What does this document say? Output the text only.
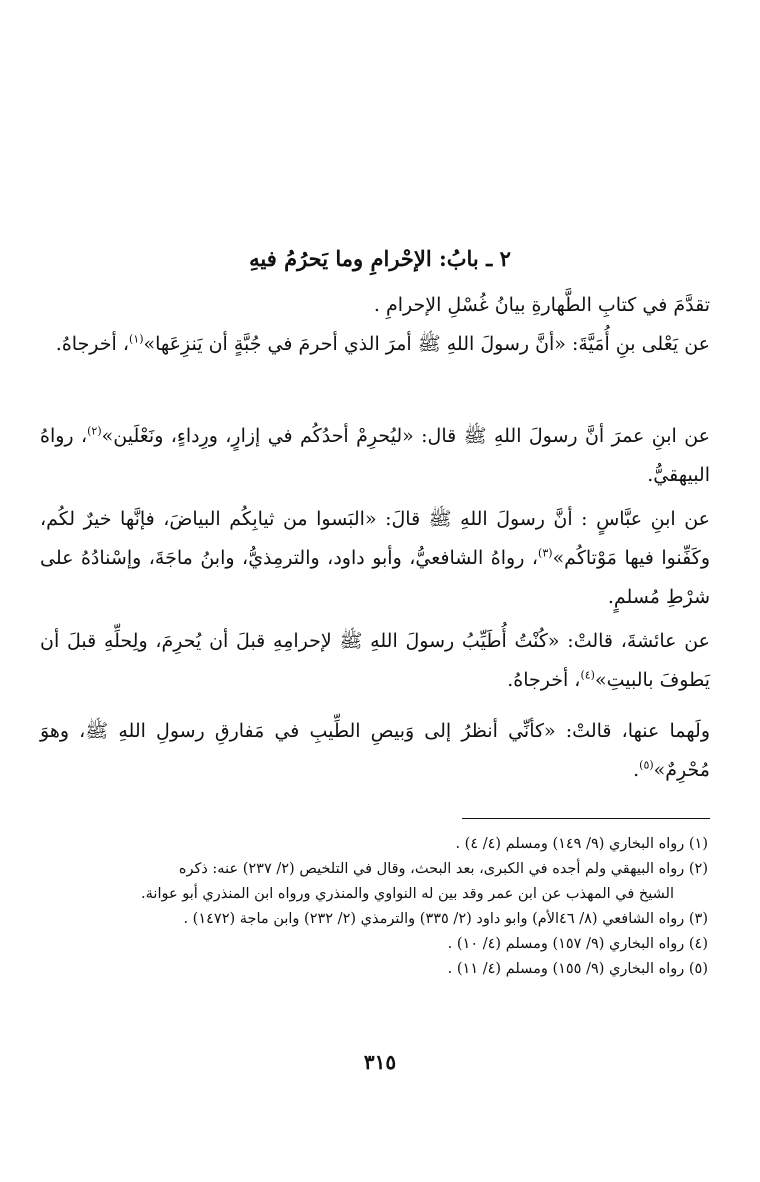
٢ ـ بابُ: الإحْرامِ وما يَحرُمُ فيهِ

تقدَّمَ في كتابِ الطَّهارةِ بيانُ غُسْلِ الإحرامِ .

عن يَعْلى بنِ أُمَيَّةَ: «أنَّ رسولَ اللهِ ﷺ أمرَ الذي أحرمَ في جُبَّةٍ أن يَنزِعَها»$^{(١)}$، أخرجاهُ.

عن ابنِ عمرَ أنَّ رسولَ اللهِ ﷺ قال: «ليُحرِمْ أحدُكُم في إزارٍ، ورِداءٍ، ونَعْلَين»$^{(٢)}$، رواهُ البيهقيُّ.

عن ابنِ عبَّاسٍ : أنَّ رسولَ اللهِ ﷺ قالَ: «البَسوا من ثيابِكُم البياضَ، فإنَّها خيرٌ لكُم، وكَفِّنوا فيها مَوْتاكُم»$^{(٣)}$، رواهُ الشافعيُّ، وأبو داود، والترمِذيُّ، وابنُ ماجَةَ، وإسْنادُهُ على شرْطِ مُسلمٍ.

عن عائشةَ، قالتْ: «كُنْتُ أُطَيِّبُ رسولَ اللهِ ﷺ لإحرامِهِ قبلَ أن يُحرِمَ، ولِحلِّهِ قبلَ أن يَطوفَ بالبيتِ»$^{(٤)}$، أخرجاهُ.

ولَهما عنها، قالتْ: «كأنِّي أنظرُ إلى وَبيصِ الطِّيبِ في مَفارقِ رسولِ اللهِ ﷺ، وهوَ مُحْرِمٌ»$^{(٥)}$.

(١) رواه البخاري (٩/ ١٤٩) ومسلم (٤/ ٤) .

(٢) رواه البيهقي ولم أجده في الكبرى، بعد البحث، وقال في التلخيص (٢/ ٢٣٧) عنه: ذكره

الشيخ في المهذب عن ابن عمر وقد بين له النواوي والمنذري ورواه ابن المنذري أبو عوانة.

(٣) رواه الشافعي (٨/ ٤٦الأم) وابو داود (٢/ ٣٣٥) والترمذي (٢/ ٢٣٢) وابن ماجة (١٤٧٢) .

(٤) رواه البخاري (٩/ ١٥٧) ومسلم (٤/ ١٠) .

(٥) رواه البخاري (٩/ ١٥٥) ومسلم (٤/ ١١) .

٣١٥
